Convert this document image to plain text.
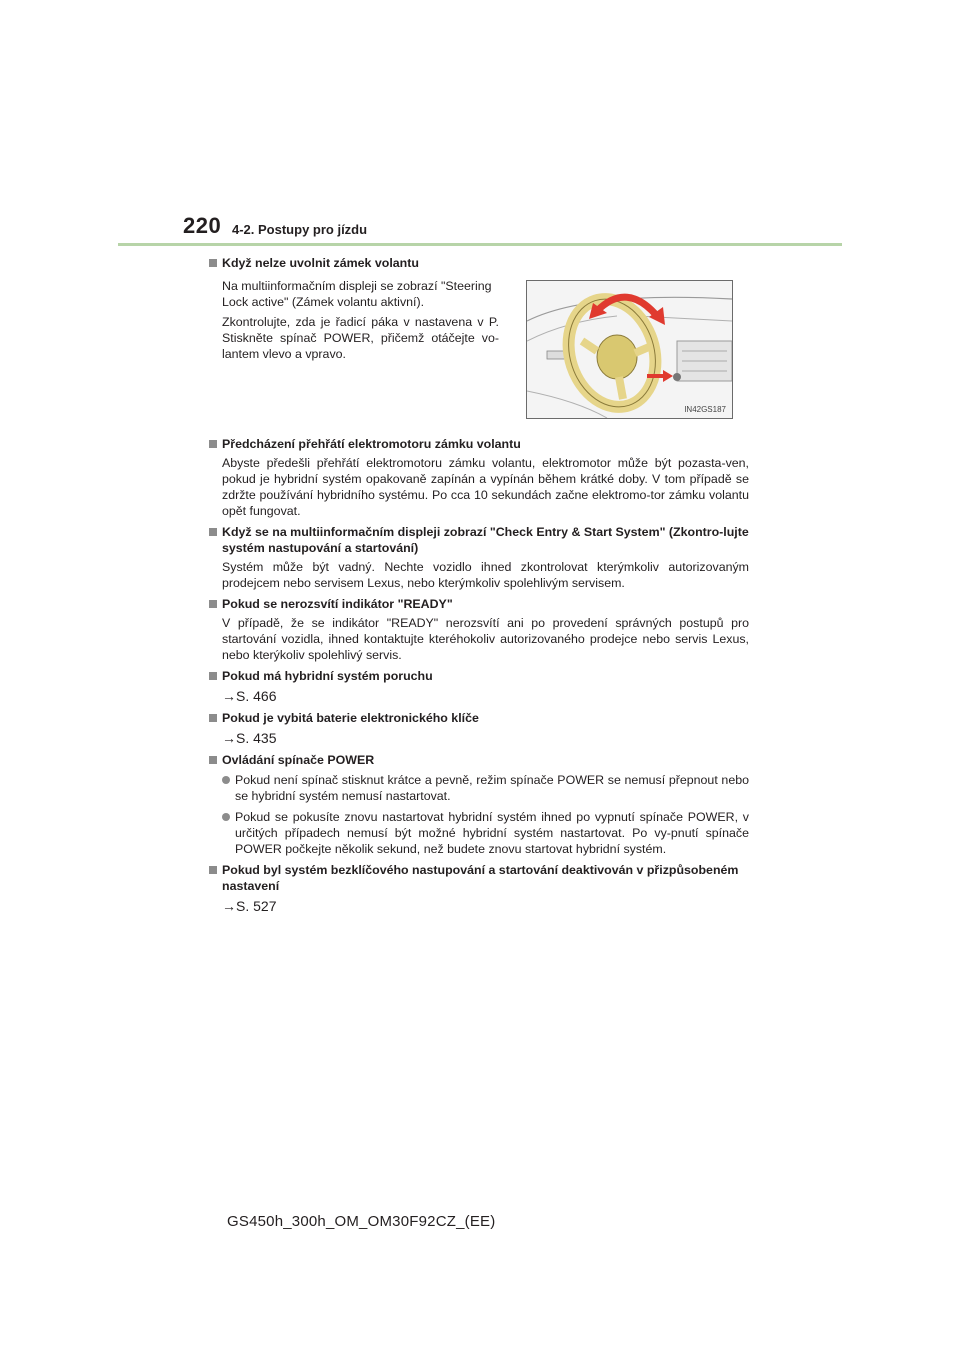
220 4-2. Postupy pro jízdu

Když nelze uvolnit zámek volantu

Na multiinformačním displeji se zobrazí "Steering Lock active" (Zámek volantu aktivní).

Zkontrolujte, zda je řadicí páka v nastavena v P. Stiskněte spínač POWER, přičemž otáčejte vo-lantem vlevo a vpravo.

Předcházení přehřátí elektromotoru zámku volantu

Abyste předešli přehřátí elektromotoru zámku volantu, elektromotor může být pozasta-ven, pokud je hybridní systém opakovaně zapínán a vypínán během krátké doby. V tom případě se zdržte používání hybridního systému. Po cca 10 sekundách začne elektromo-tor zámku volantu opět fungovat.

Když se na multiinformačním displeji zobrazí "Check Entry & Start System" (Zkontro-lujte systém nastupování a startování)

Systém může být vadný. Nechte vozidlo ihned zkontrolovat kterýmkoliv autorizovaným prodejcem nebo servisem Lexus, nebo kterýmkoliv spolehlivým servisem.

Pokud se nerozsvítí indikátor "READY"

V případě, že se indikátor "READY" nerozsvítí ani po provedení správných postupů pro startování vozidla, ihned kontaktujte kteréhokoliv autorizovaného prodejce nebo servis Lexus, nebo kterýkoliv spolehlivý servis.

Pokud má hybridní systém poruchu

→S. 466

Pokud je vybitá baterie elektronického klíče

→S. 435

Ovládání spínače POWER

Pokud není spínač stisknut krátce a pevně, režim spínače POWER se nemusí přepnout nebo se hybridní systém nemusí nastartovat.

Pokud se pokusíte znovu nastartovat hybridní systém ihned po vypnutí spínače POWER, v určitých případech nemusí být možné hybridní systém nastartovat. Po vy-pnutí spínače POWER počkejte několik sekund, než budete znovu startovat hybridní systém.

Pokud byl systém bezklíčového nastupování a startování deaktivován v přizpůsobeném nastavení

→S. 527

IN42GS187
GS450h_300h_OM_OM30F92CZ_(EE)
